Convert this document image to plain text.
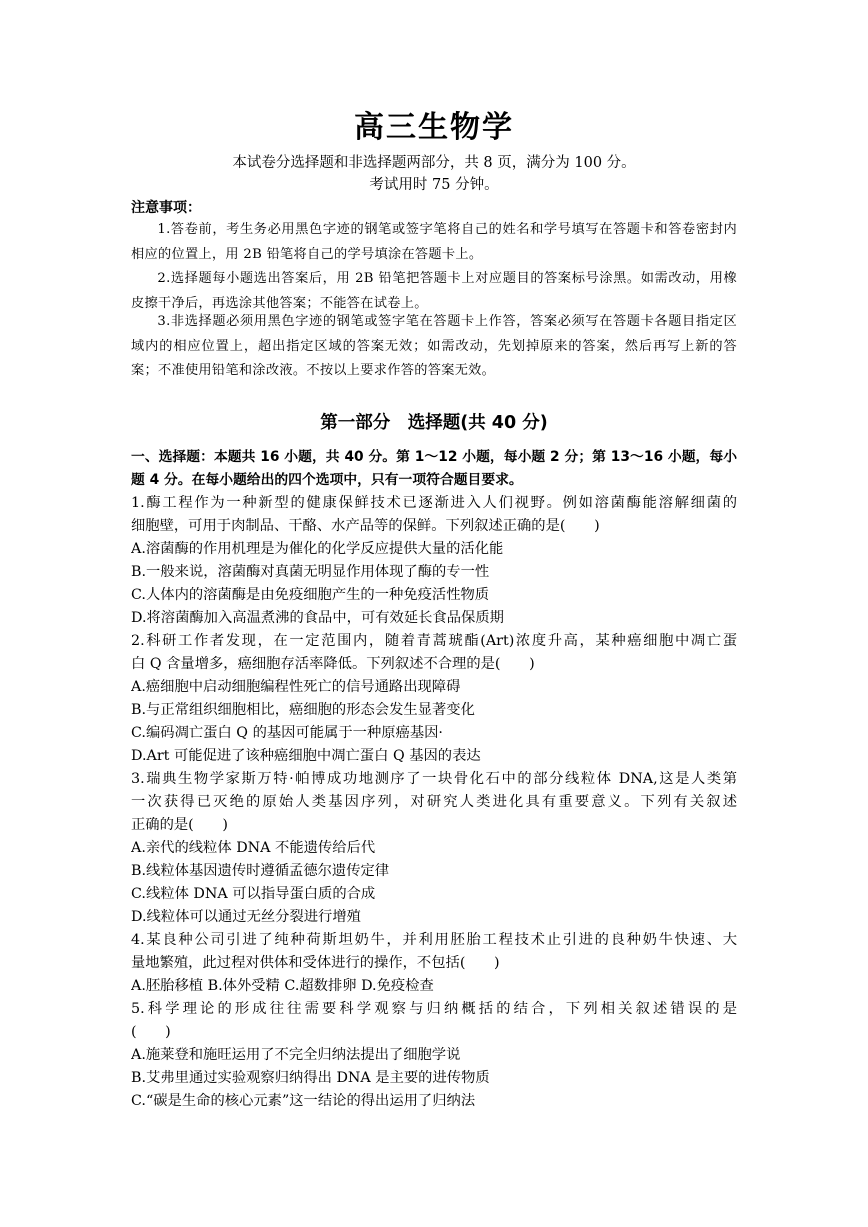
高三生物学
本试卷分选择题和非选择题两部分，共 8 页，满分为 100 分。
考试用时 75 分钟。
注意事项：

1.答卷前，考生务必用黑色字迹的钢笔或签字笔将自己的姓名和学号填写在答题卡和答卷密封内相应的位置上，用 2B 铅笔将自己的学号填涂在答题卡上。

2.选择题每小题选出答案后，用 2B 铅笔把答题卡上对应题目的答案标号涂黑。如需改动，用橡皮擦干净后，再选涂其他答案；不能答在试卷上。

3.非选择题必须用黑色字迹的钢笔或签字笔在答题卡上作答，答案必须写在答题卡各题目指定区域内的相应位置上，超出指定区域的答案无效；如需改动，先划掉原来的答案，然后再写上新的答案；不准使用铅笔和涂改液。不按以上要求作答的答案无效。

第一部分　选择题(共 40 分)

一、选择题：本题共 16 小题，共 40 分。第 1～12 小题，每小题 2 分；第 13～16 小题，每小题 4 分。在每小题给出的四个选项中，只有一项符合题目要求。

1.酶工程作为一种新型的健康保鲜技术已逐渐进入人们视野。例如溶菌酶能溶解细菌的

细胞壁，可用于肉制品、干酪、水产品等的保鲜。下列叙述正确的是(　　)

A.溶菌酶的作用机理是为催化的化学反应提供大量的活化能

B.一般来说，溶菌酶对真菌无明显作用体现了酶的专一性

C.人体内的溶菌酶是由免疫细胞产生的一种免疫活性物质

D.将溶菌酶加入高温煮沸的食品中，可有效延长食品保质期

2.科研工作者发现，在一定范围内，随着青蒿琥酯(Art)浓度升高，某种癌细胞中凋亡蛋

白 Q 含量增多，癌细胞存活率降低。下列叙述不合理的是(　　)

A.癌细胞中启动细胞编程性死亡的信号通路出现障碍

B.与正常组织细胞相比，癌细胞的形态会发生显著变化

C.编码凋亡蛋白 Q 的基因可能属于一种原癌基因·

D.Art 可能促进了该种癌细胞中凋亡蛋白 Q 基因的表达

3.瑞典生物学家斯万特·帕博成功地测序了一块骨化石中的部分线粒体 DNA,这是人类第

一次获得已灭绝的原始人类基因序列，对研究人类进化具有重要意义。下列有关叙述

正确的是(　　)

A.亲代的线粒体 DNA 不能遗传给后代

B.线粒体基因遗传时遵循孟德尔遗传定律

C.线粒体 DNA 可以指导蛋白质的合成

D.线粒体可以通过无丝分裂进行增殖

4.某良种公司引进了纯种荷斯坦奶牛，并利用胚胎工程技术止引进的良种奶牛快速、大

量地繁殖，此过程对供体和受体进行的操作，不包括(　　)

A.胚胎移植 B.体外受精 C.超数排卵 D.免疫检查

5.科学理论的形成往往需要科学观察与归纳概括的结合，下列相关叙述错误的是

(　　)

A.施莱登和施旺运用了不完全归纳法提出了细胞学说

B.艾弗里通过实验观察归纳得出 DNA 是主要的进传物质

C.“碳是生命的核心元素”这一结论的得出运用了归纳法
